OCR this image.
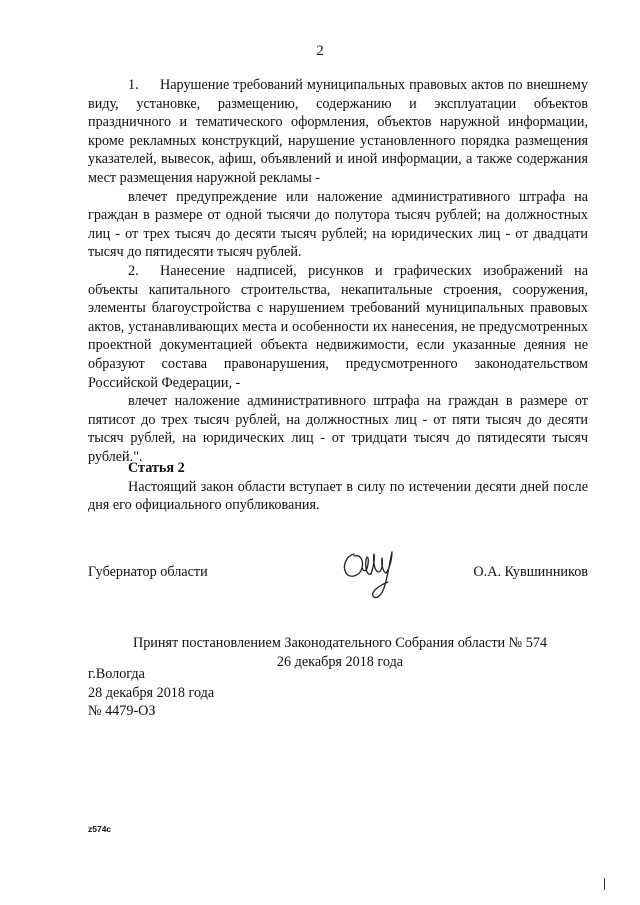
2

1. Нарушение требований муниципальных правовых актов по внешнему виду, установке, размещению, содержанию и эксплуатации объектов праздничного и тематического оформления, объектов наружной информации, кроме рекламных конструкций, нарушение установленного порядка размещения указателей, вывесок, афиш, объявлений и иной информации, а также содержания мест размещения наружной рекламы -

влечет предупреждение или наложение административного штрафа на граждан в размере от одной тысячи до полутора тысяч рублей; на должностных лиц - от трех тысяч до десяти тысяч рублей; на юридических лиц - от двадцати тысяч до пятидесяти тысяч рублей.

2. Нанесение надписей, рисунков и графических изображений на объекты капитального строительства, некапитальные строения, сооружения, элементы благоустройства с нарушением требований муниципальных правовых актов, устанавливающих места и особенности их нанесения, не предусмотренных проектной документацией объекта недвижимости, если указанные деяния не образуют состава правонарушения, предусмотренного законодательством Российской Федерации, -

влечет наложение административного штрафа на граждан в размере от пятисот до трех тысяч рублей, на должностных лиц - от пяти тысяч до десяти тысяч рублей, на юридических лиц - от тридцати тысяч до пятидесяти тысяч рублей.".

Статья 2

Настоящий закон области вступает в силу по истечении десяти дней после дня его официального опубликования.

Губернатор области	О.А. Кувшинников
Принят постановлением Законодательного Собрания области № 574
26 декабря 2018 года
г.Вологда
28 декабря 2018 года
№ 4479-ОЗ
z574c
